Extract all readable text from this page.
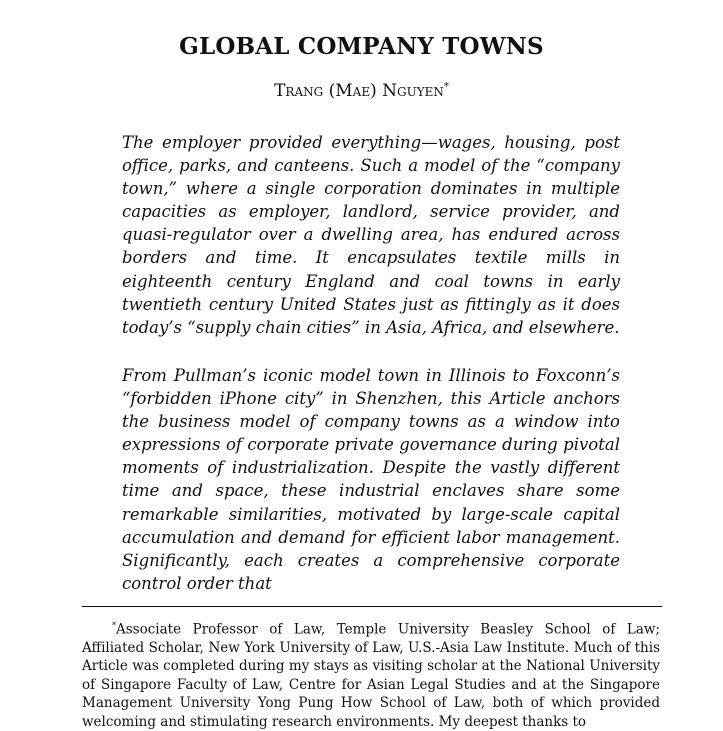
GLOBAL COMPANY TOWNS
Trang (Mae) Nguyen*

The employer provided everything—wages, housing, post office, parks, and canteens. Such a model of the “company town,” where a single corporation dominates in multiple capacities as employer, landlord, service provider, and quasi-regulator over a dwelling area, has endured across borders and time. It encapsulates textile mills in eighteenth century England and coal towns in early twentieth century United States just as fittingly as it does today’s “supply chain cities” in Asia, Africa, and elsewhere.

From Pullman’s iconic model town in Illinois to Foxconn’s “forbidden iPhone city” in Shenzhen, this Article anchors the business model of company towns as a window into expressions of corporate private governance during pivotal moments of industrialization. Despite the vastly different time and space, these industrial enclaves share some remarkable similarities, motivated by large-scale capital accumulation and demand for efficient labor management. Significantly, each creates a comprehensive corporate control order that

*Associate Professor of Law, Temple University Beasley School of Law; Affiliated Scholar, New York University of Law, U.S.-Asia Law Institute. Much of this Article was completed during my stays as visiting scholar at the National University of Singapore Faculty of Law, Centre for Asian Legal Studies and at the Singapore Management University Yong Pung How School of Law, both of which provided welcoming and stimulating research environments. My deepest thanks to
